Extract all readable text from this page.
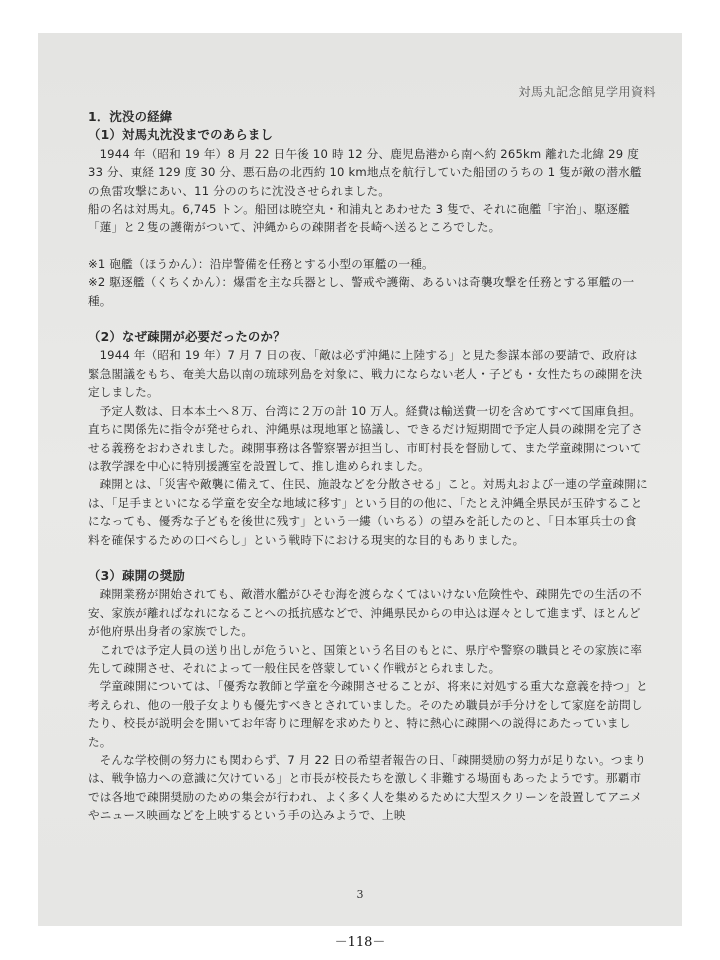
対馬丸記念館見学用資料

1．沈没の経緯

（1）対馬丸沈没までのあらまし

1944 年（昭和 19 年）8 月 22 日午後 10 時 12 分、鹿児島港から南へ約 265km 離れた北緯 29 度 33 分、東経 129 度 30 分、悪石島の北西約 10 km地点を航行していた船団のうちの 1 隻が敵の潜水艦の魚雷攻撃にあい、11 分ののちに沈没させられました。

船の名は対馬丸。6,745 トン。船団は暁空丸・和浦丸とあわせた 3 隻で、それに砲艦「宇治」、駆逐艦「蓮」と２隻の護衛がついて、沖縄からの疎開者を長崎へ送るところでした。

※1 砲艦（ほうかん）：沿岸警備を任務とする小型の軍艦の一種。

※2 駆逐艦（くちくかん）：爆雷を主な兵器とし、警戒や護衛、あるいは奇襲攻撃を任務とする軍艦の一種。

（2）なぜ疎開が必要だったのか？

1944 年（昭和 19 年）7 月 7 日の夜、「敵は必ず沖縄に上陸する」と見た参謀本部の要請で、政府は緊急閣議をもち、奄美大島以南の琉球列島を対象に、戦力にならない老人・子ども・女性たちの疎開を決定しました。

予定人数は、日本本土へ８万、台湾に２万の計 10 万人。経費は輸送費一切を含めてすべて国庫負担。直ちに関係先に指令が発せられ、沖縄県は現地軍と協議し、できるだけ短期間で予定人員の疎開を完了させる義務をおわされました。疎開事務は各警察署が担当し、市町村長を督励して、また学童疎開については教学課を中心に特別援護室を設置して、推し進められました。

疎開とは、「災害や敵襲に備えて、住民、施設などを分散させる」こと。対馬丸および一連の学童疎開には、「足手まといになる学童を安全な地域に移す」という目的の他に、「たとえ沖縄全県民が玉砕することになっても、優秀な子どもを後世に残す」という一縷（いちる）の望みを託したのと、「日本軍兵士の食料を確保するための口べらし」という戦時下における現実的な目的もありました。

（3）疎開の奨励

疎開業務が開始されても、敵潜水艦がひそむ海を渡らなくてはいけない危険性や、疎開先での生活の不安、家族が離ればなれになることへの抵抗感などで、沖縄県民からの申込は遅々として進まず、ほとんどが他府県出身者の家族でした。

これでは予定人員の送り出しが危ういと、国策という名目のもとに、県庁や警察の職員とその家族に率先して疎開させ、それによって一般住民を啓蒙していく作戦がとられました。

学童疎開については、「優秀な教師と学童を今疎開させることが、将来に対処する重大な意義を持つ」と考えられ、他の一般子女よりも優先すべきとされていました。そのため職員が手分けをして家庭を訪問したり、校長が説明会を開いてお年寄りに理解を求めたりと、特に熱心に疎開への説得にあたっていました。

そんな学校側の努力にも関わらず、7 月 22 日の希望者報告の日、「疎開奨励の努力が足りない。つまりは、戦争協力への意識に欠けている」と市長が校長たちを激しく非難する場面もあったようです。那覇市では各地で疎開奨励のための集会が行われ、よく多く人を集めるために大型スクリーンを設置してアニメやニュース映画などを上映するという手の込みようで、上映

3
－118－
